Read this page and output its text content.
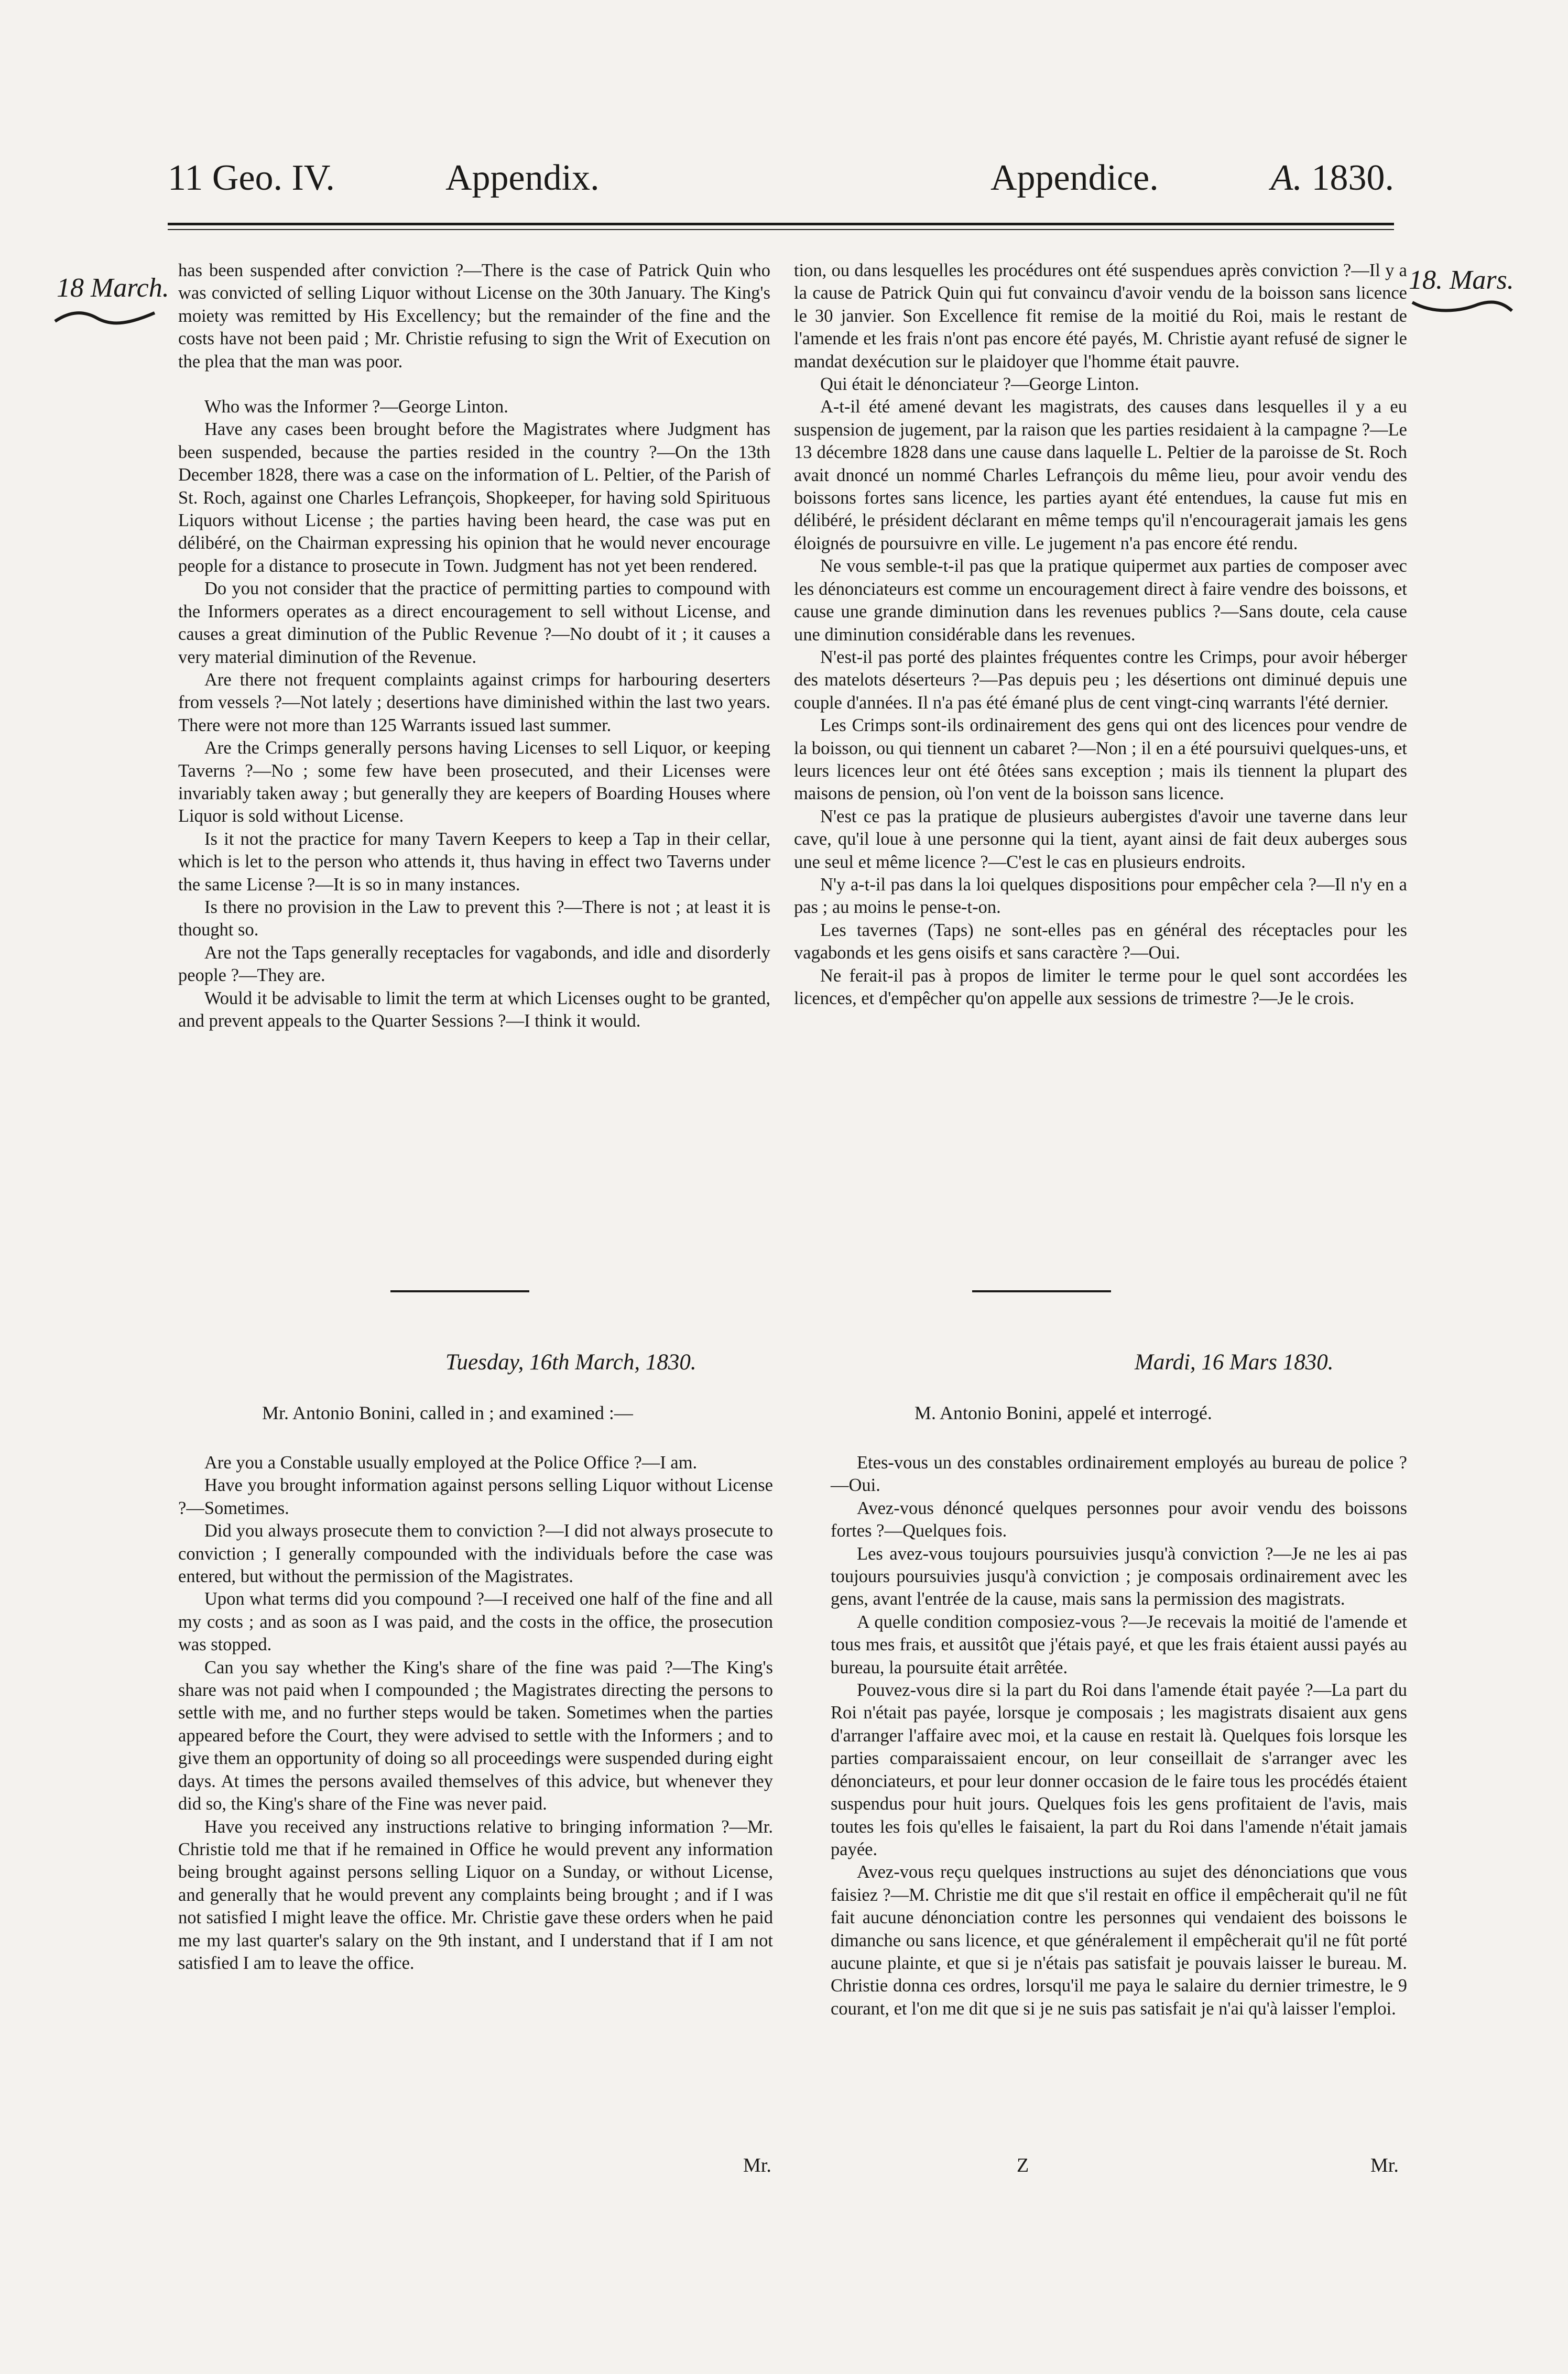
11 Geo. IV.	Appendix.	Appendice.	A. 1830.
18 March.	18. Mars.

has been suspended after conviction ?—There is the case of Patrick Quin who was convicted of selling Liquor without License on the 30th January. The King's moiety was remitted by His Excellency; but the remainder of the fine and the costs have not been paid ; Mr. Christie refusing to sign the Writ of Execution on the plea that the man was poor.

Who was the Informer ?—George Linton.

Have any cases been brought before the Magistrates where Judgment has been suspended, because the parties resided in the country ?—On the 13th December 1828, there was a case on the information of L. Peltier, of the Parish of St. Roch, against one Charles Lefrançois, Shopkeeper, for having sold Spirituous Liquors without License ; the parties having been heard, the case was put en délibéré, on the Chairman expressing his opinion that he would never encourage people for a distance to prosecute in Town. Judgment has not yet been rendered.

Do you not consider that the practice of permitting parties to compound with the Informers operates as a direct encouragement to sell without License, and causes a great diminution of the Public Revenue ?—No doubt of it ; it causes a very material diminution of the Revenue.

Are there not frequent complaints against crimps for harbouring deserters from vessels ?—Not lately ; desertions have diminished within the last two years. There were not more than 125 Warrants issued last summer.

Are the Crimps generally persons having Licenses to sell Liquor, or keeping Taverns ?—No ; some few have been prosecuted, and their Licenses were invariably taken away ; but generally they are keepers of Boarding Houses where Liquor is sold without License.

Is it not the practice for many Tavern Keepers to keep a Tap in their cellar, which is let to the person who attends it, thus having in effect two Taverns under the same License ?—It is so in many instances.

Is there no provision in the Law to prevent this ?—There is not ; at least it is thought so.

Are not the Taps generally receptacles for vagabonds, and idle and disorderly people ?—They are.

Would it be advisable to limit the term at which Licenses ought to be granted, and prevent appeals to the Quarter Sessions ?—I think it would.

tion, ou dans lesquelles les procédures ont été suspendues après conviction ?—Il y a la cause de Patrick Quin qui fut convaincu d'avoir vendu de la boisson sans licence le 30 janvier. Son Excellence fit remise de la moitié du Roi, mais le restant de l'amende et les frais n'ont pas encore été payés, M. Christie ayant refusé de signer le mandat dexécution sur le plaidoyer que l'homme était pauvre.

Qui était le dénonciateur ?—George Linton.

A-t-il été amené devant les magistrats, des causes dans lesquelles il y a eu suspension de jugement, par la raison que les parties residaient à la campagne ?—Le 13 décembre 1828 dans une cause dans laquelle L. Peltier de la paroisse de St. Roch avait dnoncé un nommé Charles Lefrançois du même lieu, pour avoir vendu des boissons fortes sans licence, les parties ayant été entendues, la cause fut mis en délibéré, le président déclarant en même temps qu'il n'encouragerait jamais les gens éloignés de poursuivre en ville. Le jugement n'a pas encore été rendu.

Ne vous semble-t-il pas que la pratique quipermet aux parties de composer avec les dénonciateurs est comme un encouragement direct à faire vendre des boissons, et cause une grande diminution dans les revenues publics ?—Sans doute, cela cause une diminution considérable dans les revenues.

N'est-il pas porté des plaintes fréquentes contre les Crimps, pour avoir héberger des matelots déserteurs ?—Pas depuis peu ; les désertions ont diminué depuis une couple d'années. Il n'a pas été émané plus de cent vingt-cinq warrants l'été dernier.

Les Crimps sont-ils ordinairement des gens qui ont des licences pour vendre de la boisson, ou qui tiennent un cabaret ?—Non ; il en a été poursuivi quelques-uns, et leurs licences leur ont été ôtées sans exception ; mais ils tiennent la plupart des maisons de pension, où l'on vent de la boisson sans licence.

N'est ce pas la pratique de plusieurs aubergistes d'avoir une taverne dans leur cave, qu'il loue à une personne qui la tient, ayant ainsi de fait deux auberges sous une seul et même licence ?—C'est le cas en plusieurs endroits.

N'y a-t-il pas dans la loi quelques dispositions pour empêcher cela ?—Il n'y en a pas ; au moins le pense-t-on.

Les tavernes (Taps) ne sont-elles pas en général des réceptacles pour les vagabonds et les gens oisifs et sans caractère ?—Oui.

Ne ferait-il pas à propos de limiter le terme pour le quel sont accordées les licences, et d'empêcher qu'on appelle aux sessions de trimestre ?—Je le crois.

Tuesday, 16th March, 1830.	Mardi, 16 Mars 1830.
Mr. Antonio Bonini, called in ; and examined :—	M. Antonio Bonini, appelé et interrogé.

Are you a Constable usually employed at the Police Office ?—I am.

Have you brought information against persons selling Liquor without License ?—Sometimes.

Did you always prosecute them to conviction ?—I did not always prosecute to conviction ; I generally compounded with the individuals before the case was entered, but without the permission of the Magistrates.

Upon what terms did you compound ?—I received one half of the fine and all my costs ; and as soon as I was paid, and the costs in the office, the prosecution was stopped.

Can you say whether the King's share of the fine was paid ?—The King's share was not paid when I compounded ; the Magistrates directing the persons to settle with me, and no further steps would be taken. Sometimes when the parties appeared before the Court, they were advised to settle with the Informers ; and to give them an opportunity of doing so all proceedings were suspended during eight days. At times the persons availed themselves of this advice, but whenever they did so, the King's share of the Fine was never paid.

Have you received any instructions relative to bringing information ?—Mr. Christie told me that if he remained in Office he would prevent any information being brought against persons selling Liquor on a Sunday, or without License, and generally that he would prevent any complaints being brought ; and if I was not satisfied I might leave the office. Mr. Christie gave these orders when he paid me my last quarter's salary on the 9th instant, and I understand that if I am not satisfied I am to leave the office.

Etes-vous un des constables ordinairement employés au bureau de police ?—Oui.

Avez-vous dénoncé quelques personnes pour avoir vendu des boissons fortes ?—Quelques fois.

Les avez-vous toujours poursuivies jusqu'à conviction ?—Je ne les ai pas toujours poursuivies jusqu'à conviction ; je composais ordinairement avec les gens, avant l'entrée de la cause, mais sans la permission des magistrats.

A quelle condition composiez-vous ?—Je recevais la moitié de l'amende et tous mes frais, et aussitôt que j'étais payé, et que les frais étaient aussi payés au bureau, la poursuite était arrêtée.

Pouvez-vous dire si la part du Roi dans l'amende était payée ?—La part du Roi n'était pas payée, lorsque je composais ; les magistrats disaient aux gens d'arranger l'affaire avec moi, et la cause en restait là. Quelques fois lorsque les parties comparaissaient encour, on leur conseillait de s'arranger avec les dénonciateurs, et pour leur donner occasion de le faire tous les procédés étaient suspendus pour huit jours. Quelques fois les gens profitaient de l'avis, mais toutes les fois qu'elles le faisaient, la part du Roi dans l'amende n'était jamais payée.

Avez-vous reçu quelques instructions au sujet des dénonciations que vous faisiez ?—M. Christie me dit que s'il restait en office il empêcherait qu'il ne fût fait aucune dénonciation contre les personnes qui vendaient des boissons le dimanche ou sans licence, et que généralement il empêcherait qu'il ne fût porté aucune plainte, et que si je n'étais pas satisfait je pouvais laisser le bureau. M. Christie donna ces ordres, lorsqu'il me paya le salaire du dernier trimestre, le 9 courant, et l'on me dit que si je ne suis pas satisfait je n'ai qu'à laisser l'emploi.

Mr.	Z	Mr.
